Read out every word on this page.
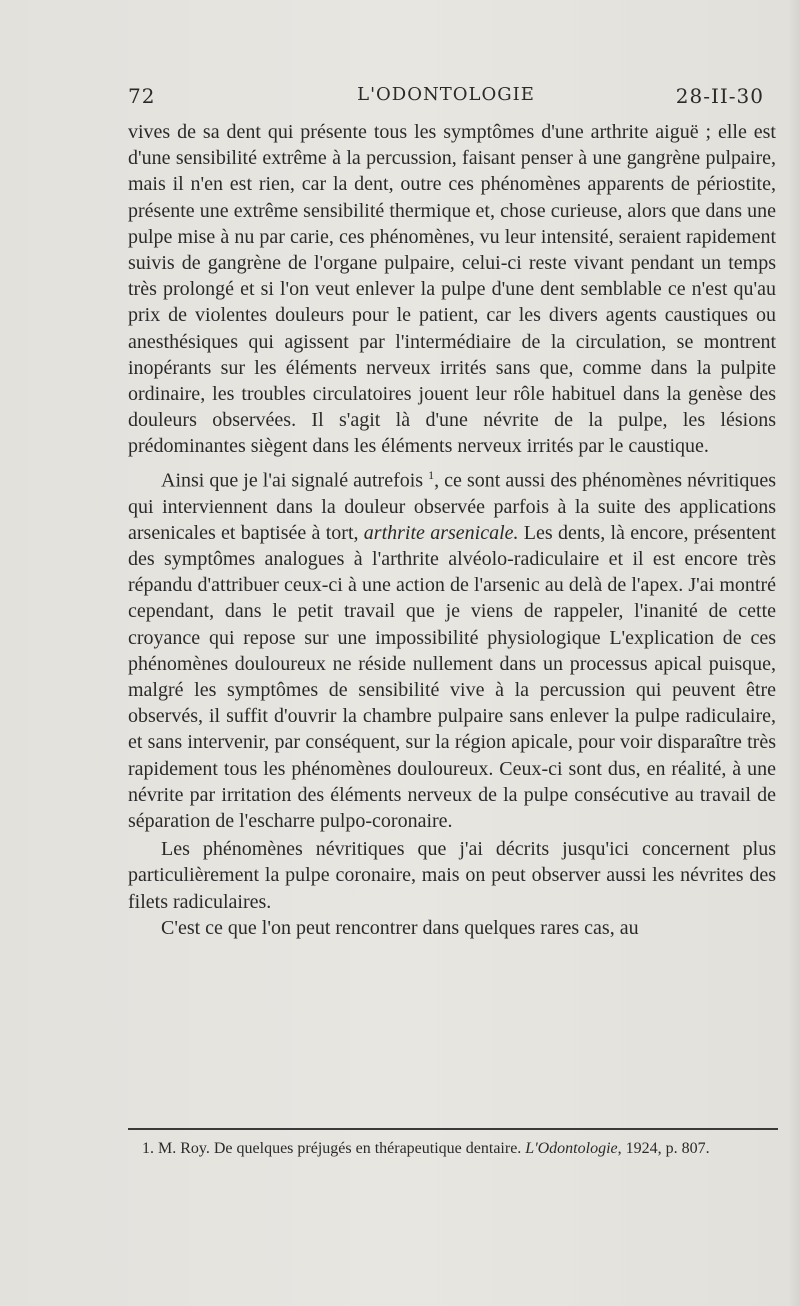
72	L'ODONTOLOGIE	28-II-30

vives de sa dent qui présente tous les symptômes d'une arthrite aiguë ; elle est d'une sensibilité extrême à la percussion, faisant penser à une gangrène pulpaire, mais il n'en est rien, car la dent, outre ces phénomènes apparents de périostite, présente une extrême sensibilité thermique et, chose curieuse, alors que dans une pulpe mise à nu par carie, ces phénomènes, vu leur intensité, seraient rapidement suivis de gangrène de l'organe pulpaire, celui-ci reste vivant pendant un temps très prolongé et si l'on veut enlever la pulpe d'une dent semblable ce n'est qu'au prix de violentes douleurs pour le patient, car les divers agents caustiques ou anesthésiques qui agissent par l'intermédiaire de la circulation, se montrent inopérants sur les éléments nerveux irrités sans que, comme dans la pulpite ordinaire, les troubles circulatoires jouent leur rôle habituel dans la genèse des douleurs observées. Il s'agit là d'une névrite de la pulpe, les lésions prédominantes siègent dans les éléments nerveux irrités par le caustique.

Ainsi que je l'ai signalé autrefois $^1$, ce sont aussi des phénomènes névritiques qui interviennent dans la douleur observée parfois à la suite des applications arsenicales et baptisée à tort, arthrite arsenicale. Les dents, là encore, présentent des symptômes analogues à l'arthrite alvéolo-radiculaire et il est encore très répandu d'attribuer ceux-ci à une action de l'arsenic au delà de l'apex. J'ai montré cependant, dans le petit travail que je viens de rappeler, l'inanité de cette croyance qui repose sur une impossibilité physiologique L'explication de ces phénomènes douloureux ne réside nullement dans un processus apical puisque, malgré les symptômes de sensibilité vive à la percussion qui peuvent être observés, il suffit d'ouvrir la chambre pulpaire sans enlever la pulpe radiculaire, et sans intervenir, par conséquent, sur la région apicale, pour voir disparaître très rapidement tous les phénomènes douloureux. Ceux-ci sont dus, en réalité, à une névrite par irritation des éléments nerveux de la pulpe consécutive au travail de séparation de l'escharre pulpo-coronaire.

Les phénomènes névritiques que j'ai décrits jusqu'ici concernent plus particulièrement la pulpe coronaire, mais on peut observer aussi les névrites des filets radiculaires.

C'est ce que l'on peut rencontrer dans quelques rares cas, au

1. M. Roy. De quelques préjugés en thérapeutique dentaire. L'Odontologie, 1924, p. 807.
